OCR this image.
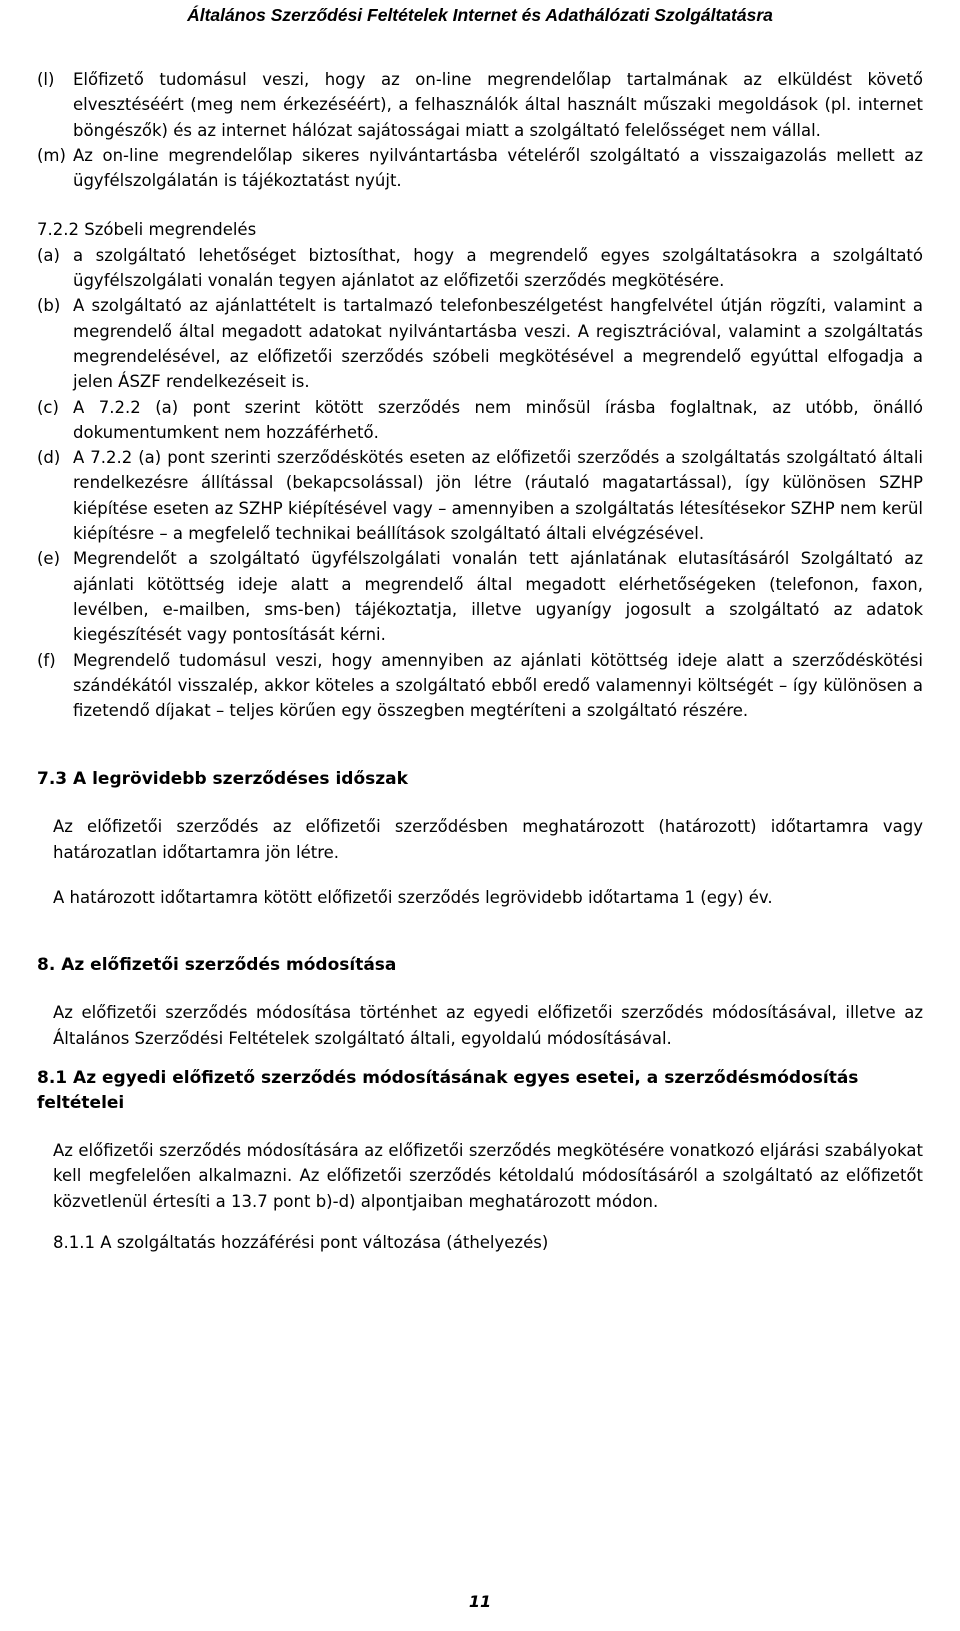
Általános Szerződési Feltételek Internet és Adathálózati Szolgáltatásra
(l)	Előfizető tudomásul veszi, hogy az on-line megrendelőlap tartalmának az elküldést követő elvesztéséért (meg nem érkezéséért), a felhasználók által használt műszaki megoldások (pl. internet böngészők) és az internet hálózat sajátosságai miatt a szolgáltató felelősséget nem vállal.
(m) Az on-line megrendelőlap sikeres nyilvántartásba vételéről szolgáltató a visszaigazolás mellett az ügyfélszolgálatán is tájékoztatást nyújt.
7.2.2 Szóbeli megrendelés
(a) a szolgáltató lehetőséget biztosíthat, hogy a megrendelő egyes szolgáltatásokra a szolgáltató ügyfélszolgálati vonalán tegyen ajánlatot az előfizetői szerződés megkötésére.
(b) A szolgáltató az ajánlattételt is tartalmazó telefonbeszélgetést hangfelvétel útján rögzíti, valamint a megrendelő által megadott adatokat nyilvántartásba veszi. A regisztrációval, valamint a szolgáltatás megrendelésével, az előfizetői szerződés szóbeli megkötésével a megrendelő egyúttal elfogadja a jelen ÁSZF rendelkezéseit is.
(c) A 7.2.2 (a) pont szerint kötött szerződés nem minősül írásba foglaltnak, az utóbb, önálló dokumentumkent nem hozzáférhető.
(d) A 7.2.2 (a) pont szerinti szerződéskötés eseten az előfizetői szerződés a szolgáltatás szolgáltató általi rendelkezésre állítással (bekapcsolással) jön létre (ráutaló magatartással), így különösen SZHP kiépítése eseten az SZHP kiépítésével vagy – amennyiben a szolgáltatás létesítésekor SZHP nem kerül kiépítésre – a megfelelő technikai beállítások szolgáltató általi elvégzésével.
(e) Megrendelőt a szolgáltató ügyfélszolgálati vonalán tett ajánlatának elutasításáról Szolgáltató az ajánlati kötöttség ideje alatt a megrendelő által megadott elérhetőségeken (telefonon, faxon, levélben, e-mailben, sms-ben) tájékoztatja, illetve ugyanígy jogosult a szolgáltató az adatok kiegészítését vagy pontosítását kérni.
(f)	Megrendelő tudomásul veszi, hogy amennyiben az ajánlati kötöttség ideje alatt a szerződéskötési szándékától visszalép, akkor köteles a szolgáltató ebből eredő valamennyi költségét – így különösen a fizetendő díjakat – teljes körűen egy összegben megtéríteni a szolgáltató részére.
7.3 A legrövidebb szerződéses időszak
Az előfizetői szerződés az előfizetői szerződésben meghatározott (határozott) időtartamra vagy határozatlan időtartamra jön létre.
A határozott időtartamra kötött előfizetői szerződés legrövidebb időtartama 1 (egy) év.
8. Az előfizetői szerződés módosítása
Az előfizetői szerződés módosítása történhet az egyedi előfizetői szerződés módosításával, illetve az Általános Szerződési Feltételek szolgáltató általi, egyoldalú módosításával.
8.1 Az egyedi előfizető szerződés módosításának egyes esetei, a szerződésmódosítás feltételei
Az előfizetői szerződés módosítására az előfizetői szerződés megkötésére vonatkozó eljárási szabályokat kell megfelelően alkalmazni. Az előfizetői szerződés kétoldalú módosításáról a szolgáltató az előfizetőt közvetlenül értesíti a 13.7 pont b)-d) alpontjaiban meghatározott módon.
8.1.1 A szolgáltatás hozzáférési pont változása (áthelyezés)
11
